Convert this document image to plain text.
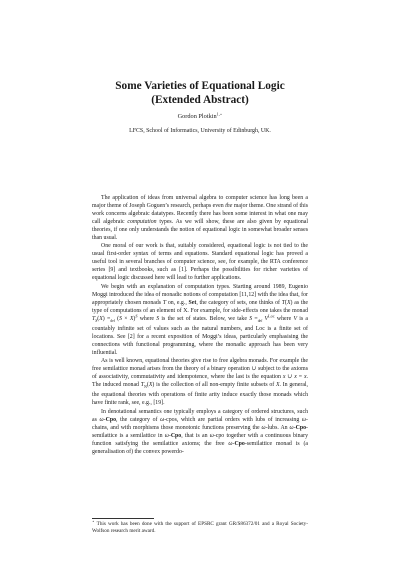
Some Varieties of Equational Logic
(Extended Abstract)
Gordon Plotkin$^{1,⋆}$
LFCS, School of Informatics, University of Edinburgh, UK.

The application of ideas from universal algebra to computer science has long been a major theme of Joseph Goguen’s research, perhaps even the major theme. One strand of this work concerns algebraic datatypes. Recently there has been some interest in what one may call algebraic computation types. As we will show, these are also given by equational theories, if one only understands the notion of equational logic in somewhat broader senses than usual.

One moral of our work is that, suitably considered, equational logic is not tied to the usual first-order syntax of terms and equations. Standard equational logic has proved a useful tool in several branches of computer science, see, for example, the RTA conference series [9] and textbooks, such as [1]. Perhaps the possibilities for richer varieties of equational logic discussed here will lead to further applications.

We begin with an explanation of computation types. Starting around 1989, Eugenio Moggi introduced the idea of monadic notions of computation [11,12] with the idea that, for appropriately chosen monads T on, e.g., Set, the category of sets, one thinks of T(X) as the type of computations of an element of X. For example, for side-effects one takes the monad $T_S(X) =_{def}$ $(S \times X)^S$ where S is the set of states. Below, we take $S =_{def}$ $V^{Loc}$ where V is a countably infinite set of values such as the natural numbers, and Loc is a finite set of locations. See [2] for a recent exposition of Moggi’s ideas, particularly emphasising the connections with functional programming, where the monadic approach has been very influential.

As is well known, equational theories give rise to free algebra monads. For example the free semilattice monad arises from the theory of a binary operation ∪ subject to the axioms of associativity, commutativity and idempotence, where the last is the equation x ∪ x = x. The induced monad $T_N(X)$ is the collection of all non-empty finite subsets of X. In general, the equational theories with operations of finite arity induce exactly those monads which have finite rank, see, e.g., [19].

In denotational semantics one typically employs a category of ordered structures, such as ω-Cpo, the category of ω-cpos, which are partial orders with lubs of increasing ω-chains, and with morphisms those monotonic functions preserving the ω-lubs. An ω-Cpo-semilattice is a semilattice in ω-Cpo, that is an ω-cpo together with a continuous binary function satisfying the semilattice axioms; the free ω-Cpo-semilattice monad is (a generalisation of) the convex powerdo-

⋆ This work has been done with the support of EPSRC grant GR/S86372/01 and a Royal Society-Wolfson research merit award.
